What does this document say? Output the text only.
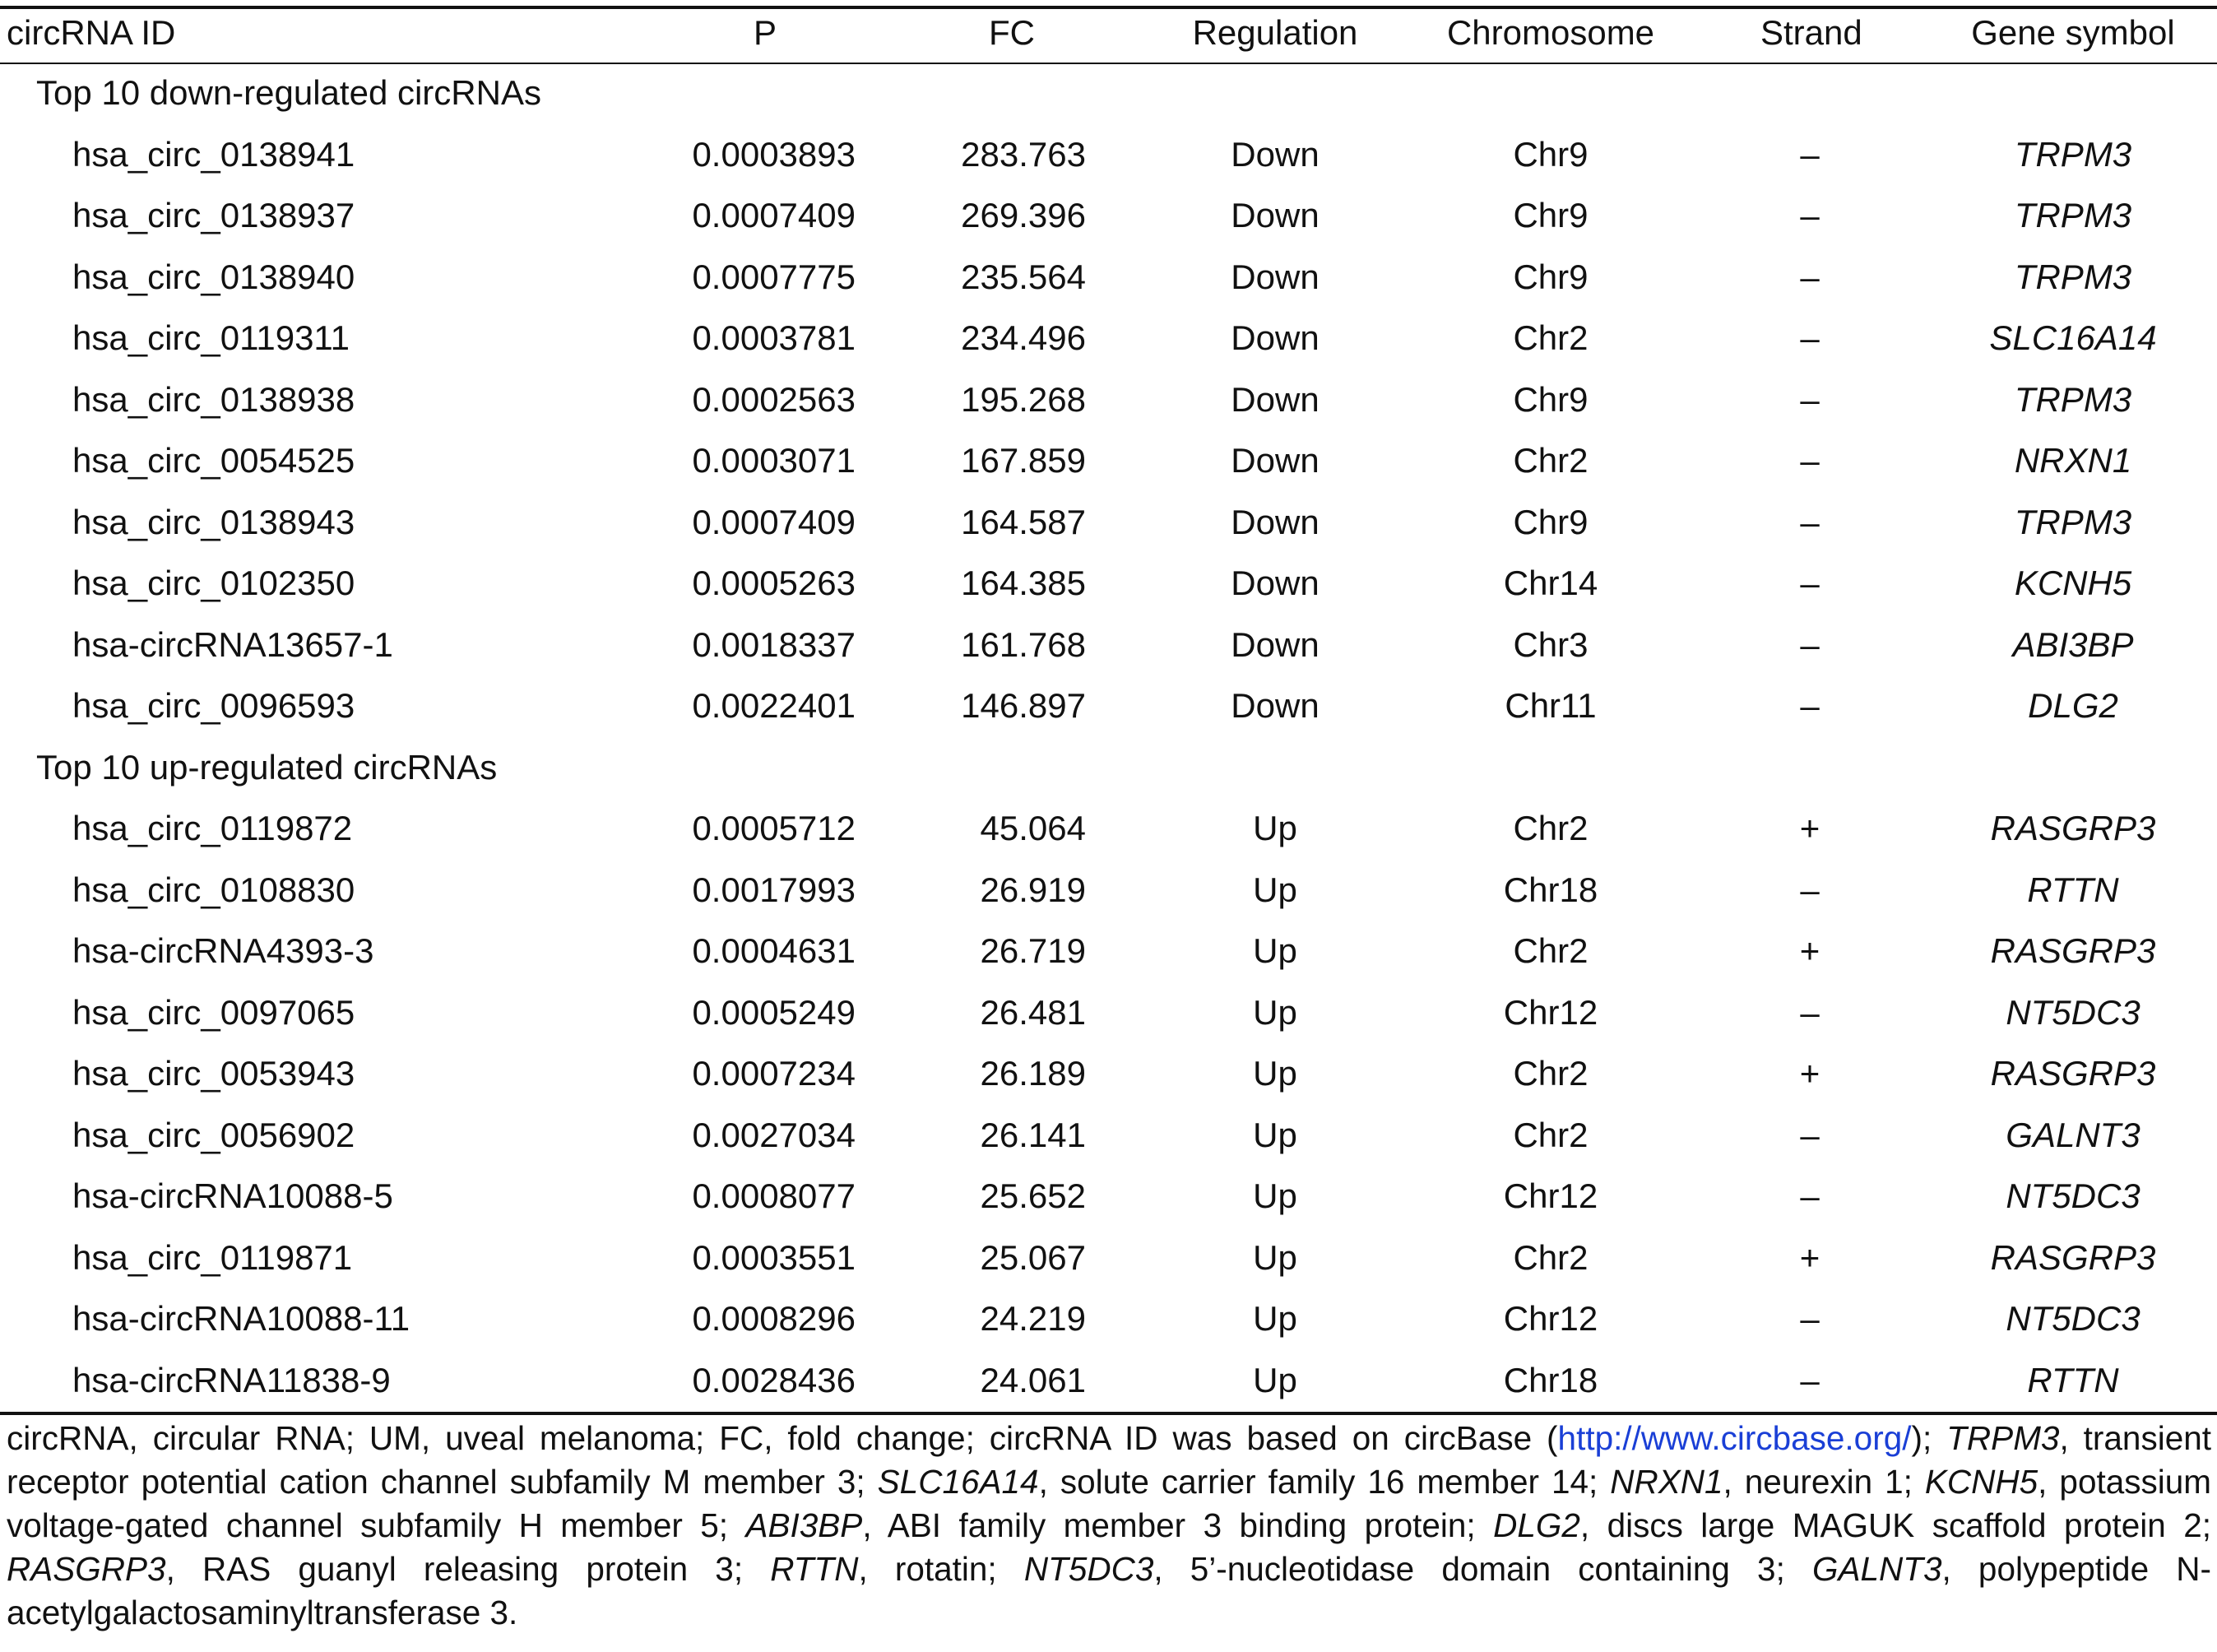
circRNA ID	P	FC	Regulation	Chromosome	Strand	Gene symbol
Top 10 down-regulated circRNAs
hsa_circ_0138941	0.0003893	283.763	Down	Chr9	–	TRPM3
hsa_circ_0138937	0.0007409	269.396	Down	Chr9	–	TRPM3
hsa_circ_0138940	0.0007775	235.564	Down	Chr9	–	TRPM3
hsa_circ_0119311	0.0003781	234.496	Down	Chr2	–	SLC16A14
hsa_circ_0138938	0.0002563	195.268	Down	Chr9	–	TRPM3
hsa_circ_0054525	0.0003071	167.859	Down	Chr2	–	NRXN1
hsa_circ_0138943	0.0007409	164.587	Down	Chr9	–	TRPM3
hsa_circ_0102350	0.0005263	164.385	Down	Chr14	–	KCNH5
hsa-circRNA13657-1	0.0018337	161.768	Down	Chr3	–	ABI3BP
hsa_circ_0096593	0.0022401	146.897	Down	Chr11	–	DLG2
Top 10 up-regulated circRNAs
hsa_circ_0119872	0.0005712	45.064	Up	Chr2	+	RASGRP3
hsa_circ_0108830	0.0017993	26.919	Up	Chr18	–	RTTN
hsa-circRNA4393-3	0.0004631	26.719	Up	Chr2	+	RASGRP3
hsa_circ_0097065	0.0005249	26.481	Up	Chr12	–	NT5DC3
hsa_circ_0053943	0.0007234	26.189	Up	Chr2	+	RASGRP3
hsa_circ_0056902	0.0027034	26.141	Up	Chr2	–	GALNT3
hsa-circRNA10088-5	0.0008077	25.652	Up	Chr12	–	NT5DC3
hsa_circ_0119871	0.0003551	25.067	Up	Chr2	+	RASGRP3
hsa-circRNA10088-11	0.0008296	24.219	Up	Chr12	–	NT5DC3
hsa-circRNA11838-9	0.0028436	24.061	Up	Chr18	–	RTTN
circRNA, circular RNA; UM, uveal melanoma; FC, fold change; circRNA ID was based on circBase (http://www.circbase.org/); TRPM3, transient receptor potential cation channel subfamily M member 3; SLC16A14, solute carrier family 16 member 14; NRXN1, neurexin 1; KCNH5, potassium voltage-gated channel subfamily H member 5; ABI3BP, ABI family member 3 binding protein; DLG2, discs large MAGUK scaffold protein 2; RASGRP3, RAS guanyl releasing protein 3; RTTN, rotatin; NT5DC3, 5’-nucleotidase domain containing 3; GALNT3, polypeptide N-acetylgalactosaminyltransferase 3.
